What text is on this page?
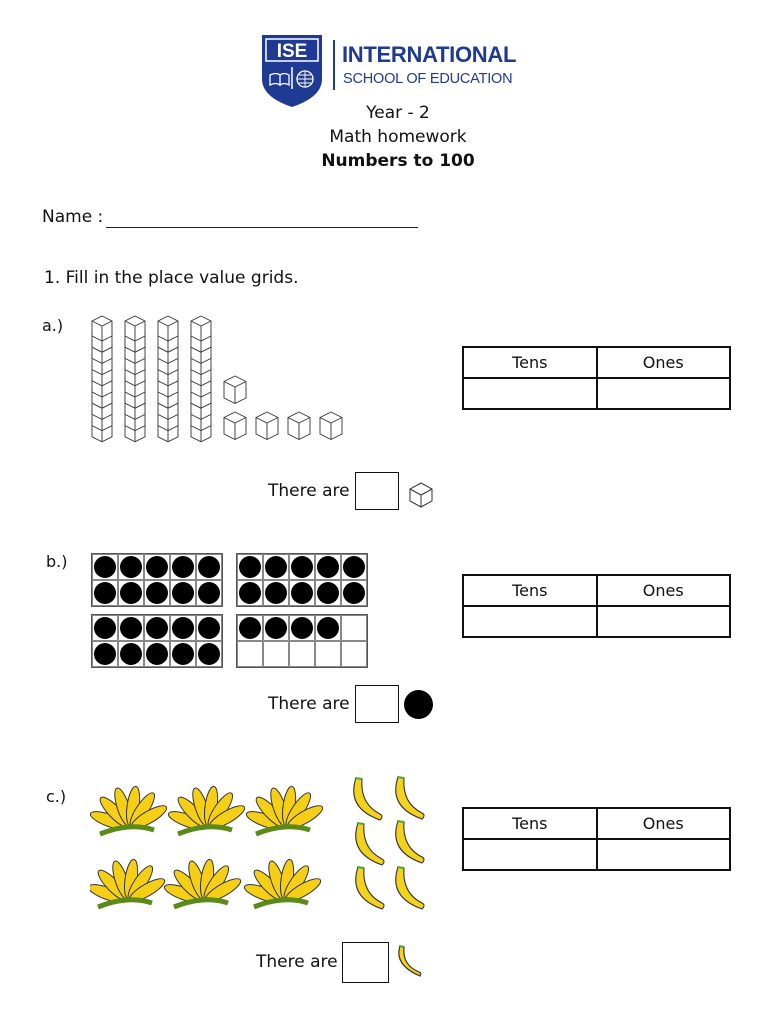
ISE INTERNATIONAL
SCHOOL OF EDUCATION
Year - 2
Math homework
Numbers to 100
Name :
1. Fill in the place value grids.
a.)
Tens	Ones

There are
b.)
Tens	Ones

There are
c.)
Tens	Ones

There are
